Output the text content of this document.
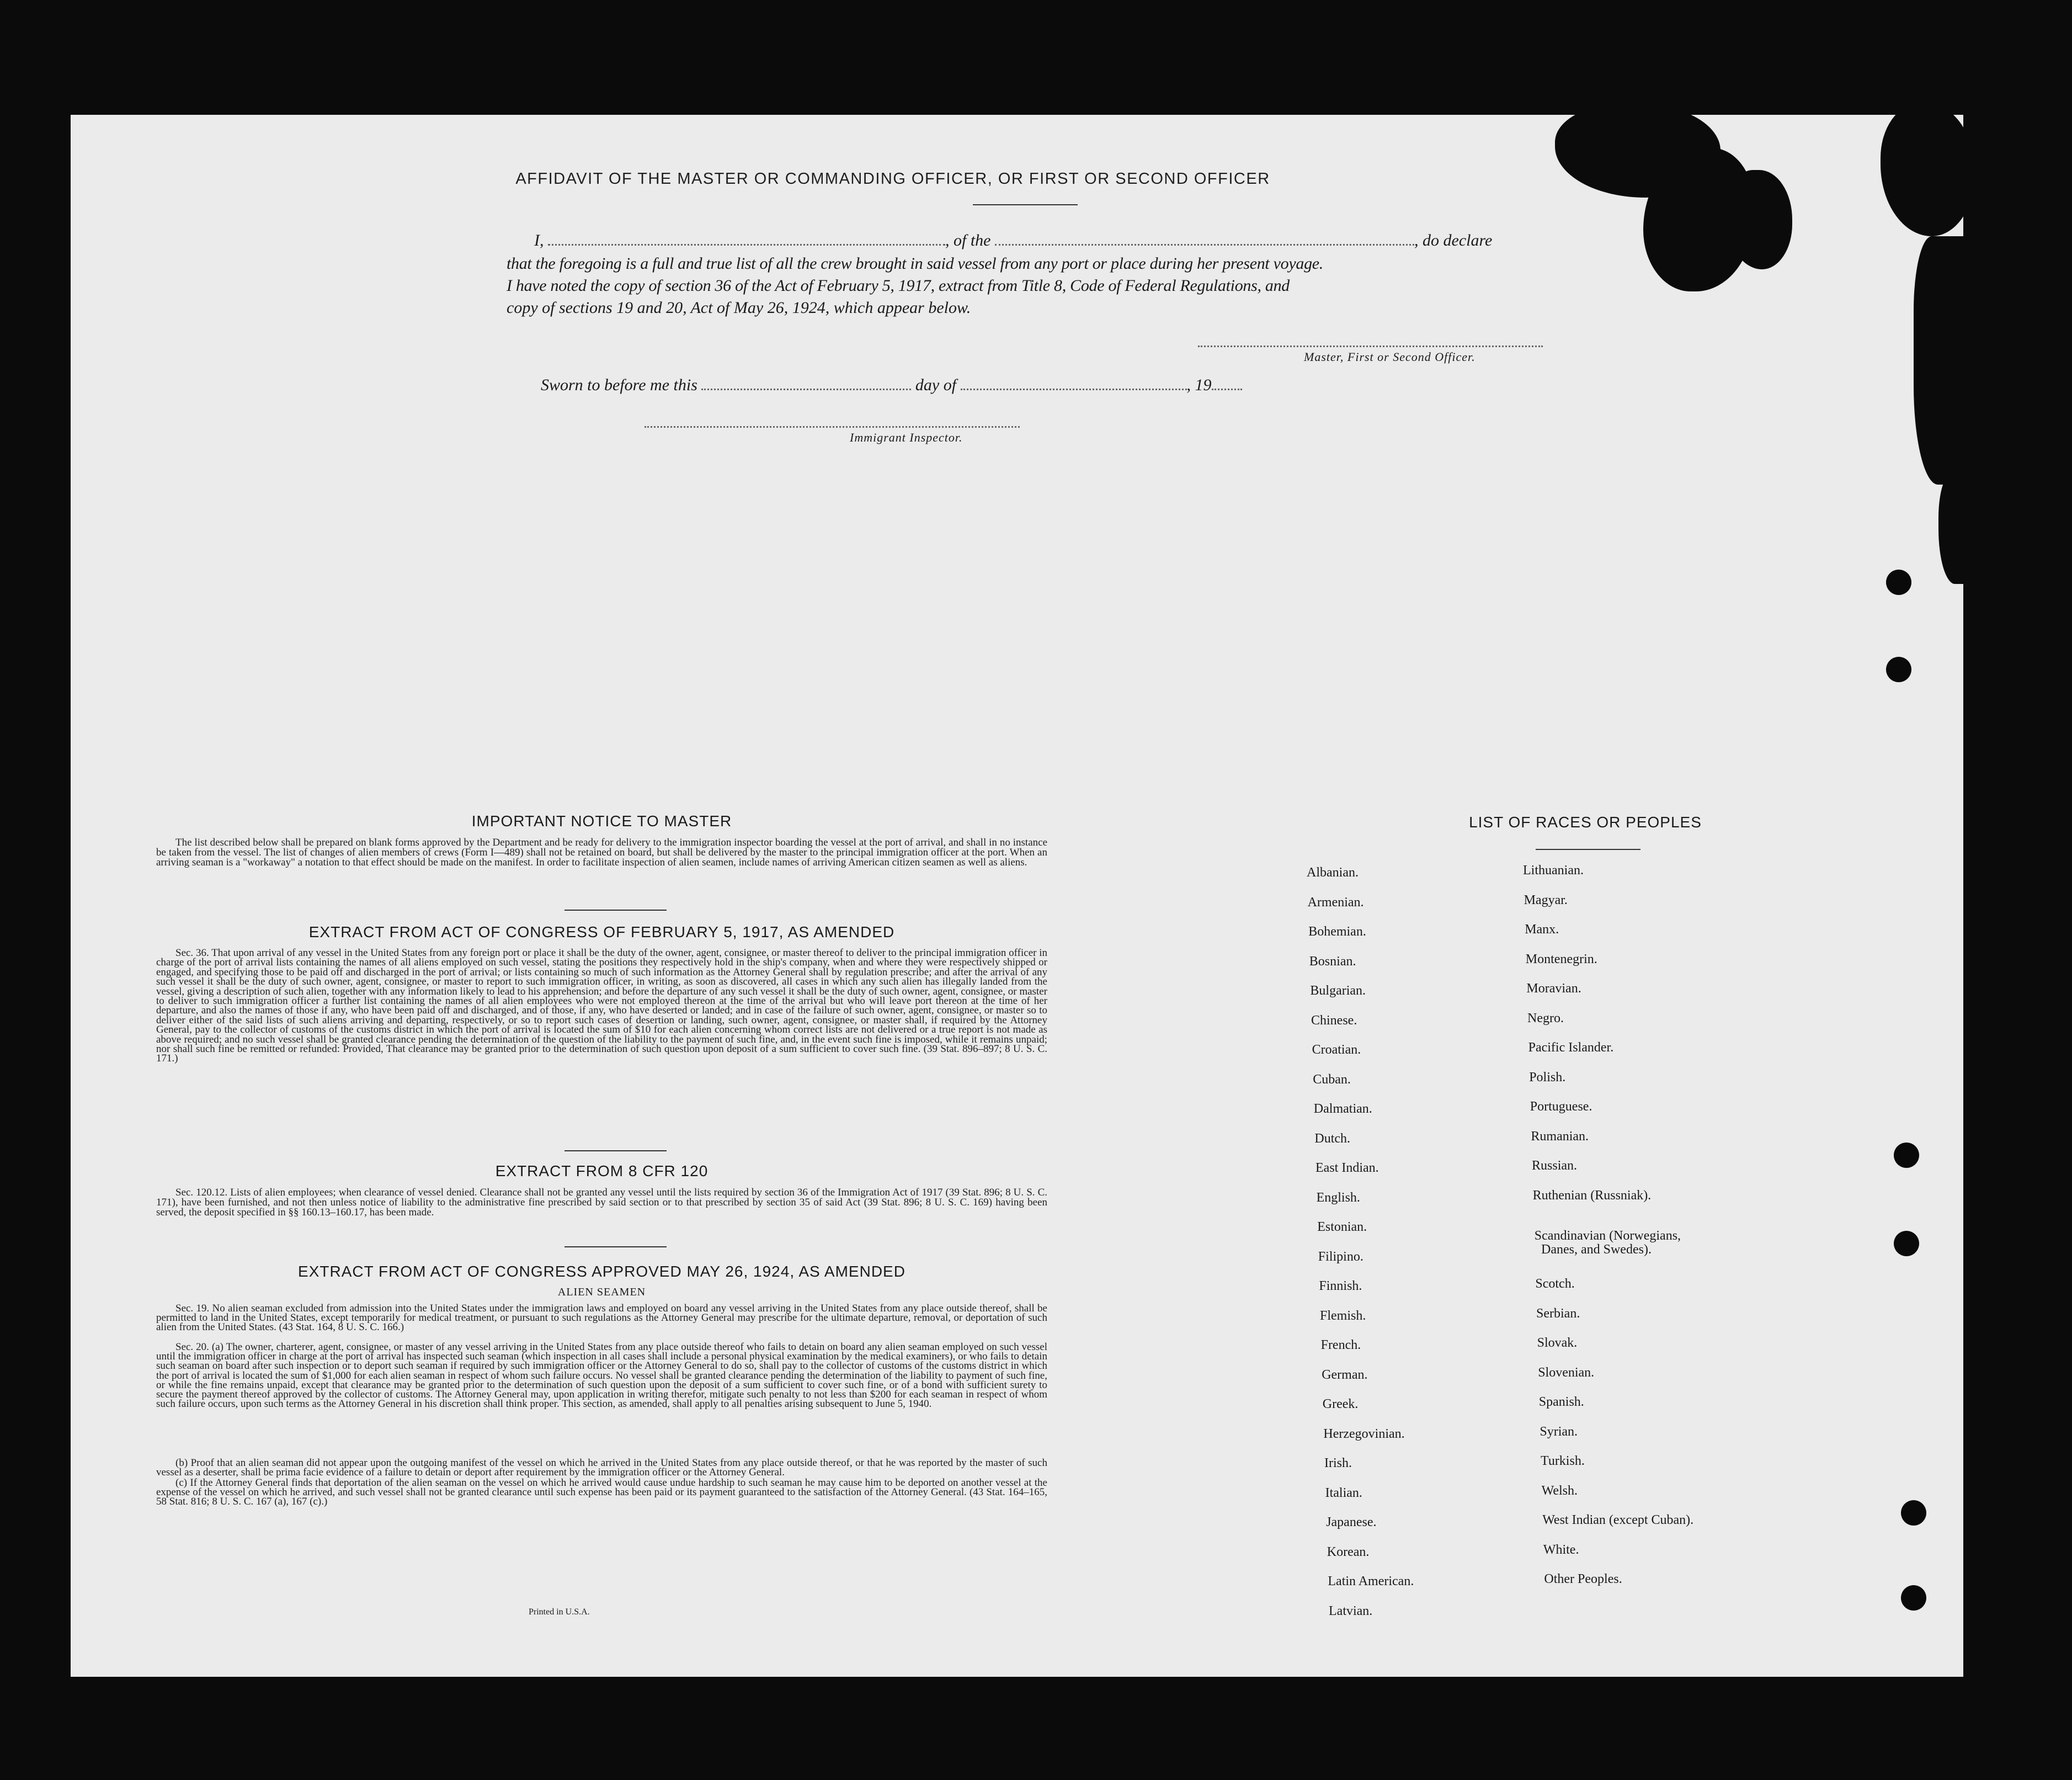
AFFIDAVIT OF THE MASTER OR COMMANDING OFFICER, OR FIRST OR SECOND OFFICER
I,	, of the	, do declare
that the foregoing is a full and true list of all the crew brought in said vessel from any port or place during her present voyage.
I have noted the copy of section 36 of the Act of February 5, 1917, extract from Title 8, Code of Federal Regulations, and
copy of sections 19 and 20, Act of May 26, 1924, which appear below.
Master, First or Second Officer.
Sworn to before me this	day of	, 19
Immigrant Inspector.
IMPORTANT NOTICE TO MASTER
The list described below shall be prepared on blank forms approved by the Department and be ready for delivery to the immigration inspector boarding the vessel at the port of arrival, and shall in no instance be taken from the vessel. The list of changes of alien members of crews (Form I—489) shall not be retained on board, but shall be delivered by the master to the principal immigration officer at the port. When an arriving seaman is a "workaway" a notation to that effect should be made on the manifest. In order to facilitate inspection of alien seamen, include names of arriving American citizen seamen as well as aliens.
EXTRACT FROM ACT OF CONGRESS OF FEBRUARY 5, 1917, AS AMENDED
Sec. 36. That upon arrival of any vessel in the United States from any foreign port or place it shall be the duty of the owner, agent, consignee, or master thereof to deliver to the principal immigration officer in charge of the port of arrival lists containing the names of all aliens employed on such vessel, stating the positions they respectively hold in the ship's company, when and where they were respectively shipped or engaged, and specifying those to be paid off and discharged in the port of arrival; or lists containing so much of such information as the Attorney General shall by regulation prescribe; and after the arrival of any such vessel it shall be the duty of such owner, agent, consignee, or master to report to such immigration officer, in writing, as soon as discovered, all cases in which any such alien has illegally landed from the vessel, giving a description of such alien, together with any information likely to lead to his apprehension; and before the departure of any such vessel it shall be the duty of such owner, agent, consignee, or master to deliver to such immigration officer a further list containing the names of all alien employees who were not employed thereon at the time of the arrival but who will leave port thereon at the time of her departure, and also the names of those if any, who have been paid off and discharged, and of those, if any, who have deserted or landed; and in case of the failure of such owner, agent, consignee, or master so to deliver either of the said lists of such aliens arriving and departing, respectively, or so to report such cases of desertion or landing, such owner, agent, consignee, or master shall, if required by the Attorney General, pay to the collector of customs of the customs district in which the port of arrival is located the sum of $10 for each alien concerning whom correct lists are not delivered or a true report is not made as above required; and no such vessel shall be granted clearance pending the determination of the question of the liability to the payment of such fine, and, in the event such fine is imposed, while it remains unpaid; nor shall such fine be remitted or refunded: Provided, That clearance may be granted prior to the determination of such question upon deposit of a sum sufficient to cover such fine. (39 Stat. 896–897; 8 U. S. C. 171.)
EXTRACT FROM 8 CFR 120
Sec. 120.12. Lists of alien employees; when clearance of vessel denied. Clearance shall not be granted any vessel until the lists required by section 36 of the Immigration Act of 1917 (39 Stat. 896; 8 U. S. C. 171), have been furnished, and not then unless notice of liability to the administrative fine prescribed by said section or to that prescribed by section 35 of said Act (39 Stat. 896; 8 U. S. C. 169) having been served, the deposit specified in §§ 160.13–160.17, has been made.
EXTRACT FROM ACT OF CONGRESS APPROVED MAY 26, 1924, AS AMENDED
ALIEN SEAMEN
Sec. 19. No alien seaman excluded from admission into the United States under the immigration laws and employed on board any vessel arriving in the United States from any place outside thereof, shall be permitted to land in the United States, except temporarily for medical treatment, or pursuant to such regulations as the Attorney General may prescribe for the ultimate departure, removal, or deportation of such alien from the United States. (43 Stat. 164, 8 U. S. C. 166.)
Sec. 20. (a) The owner, charterer, agent, consignee, or master of any vessel arriving in the United States from any place outside thereof who fails to detain on board any alien seaman employed on such vessel until the immigration officer in charge at the port of arrival has inspected such seaman (which inspection in all cases shall include a personal physical examination by the medical examiners), or who fails to detain such seaman on board after such inspection or to deport such seaman if required by such immigration officer or the Attorney General to do so, shall pay to the collector of customs of the customs district in which the port of arrival is located the sum of $1,000 for each alien seaman in respect of whom such failure occurs. No vessel shall be granted clearance pending the determination of the liability to payment of such fine, or while the fine remains unpaid, except that clearance may be granted prior to the determination of such question upon the deposit of a sum sufficient to cover such fine, or of a bond with sufficient surety to secure the payment thereof approved by the collector of customs. The Attorney General may, upon application in writing therefor, mitigate such penalty to not less than $200 for each seaman in respect of whom such failure occurs, upon such terms as the Attorney General in his discretion shall think proper. This section, as amended, shall apply to all penalties arising subsequent to June 5, 1940.
(b) Proof that an alien seaman did not appear upon the outgoing manifest of the vessel on which he arrived in the United States from any place outside thereof, or that he was reported by the master of such vessel as a deserter, shall be prima facie evidence of a failure to detain or deport after requirement by the immigration officer or the Attorney General.
(c) If the Attorney General finds that deportation of the alien seaman on the vessel on which he arrived would cause undue hardship to such seaman he may cause him to be deported on another vessel at the expense of the vessel on which he arrived, and such vessel shall not be granted clearance until such expense has been paid or its payment guaranteed to the satisfaction of the Attorney General. (43 Stat. 164–165, 58 Stat. 816; 8 U. S. C. 167 (a), 167 (c).)
Printed in U.S.A.
LIST OF RACES OR PEOPLES
Albanian.
Armenian.
Bohemian.
Bosnian.
Bulgarian.
Chinese.
Croatian.
Cuban.
Dalmatian.
Dutch.
East Indian.
English.
Estonian.
Filipino.
Finnish.
Flemish.
French.
German.
Greek.
Herzegovinian.
Irish.
Italian.
Japanese.
Korean.
Latin American.
Latvian.
Lithuanian.
Magyar.
Manx.
Montenegrin.
Moravian.
Negro.
Pacific Islander.
Polish.
Portuguese.
Rumanian.
Russian.
Ruthenian (Russniak).
Scandinavian (Norwegians,
Scotch.
Serbian.
Slovak.
Slovenian.
Spanish.
Syrian.
Turkish.
Welsh.
West Indian (except Cuban).
White.
Other Peoples.
Danes, and Swedes).
